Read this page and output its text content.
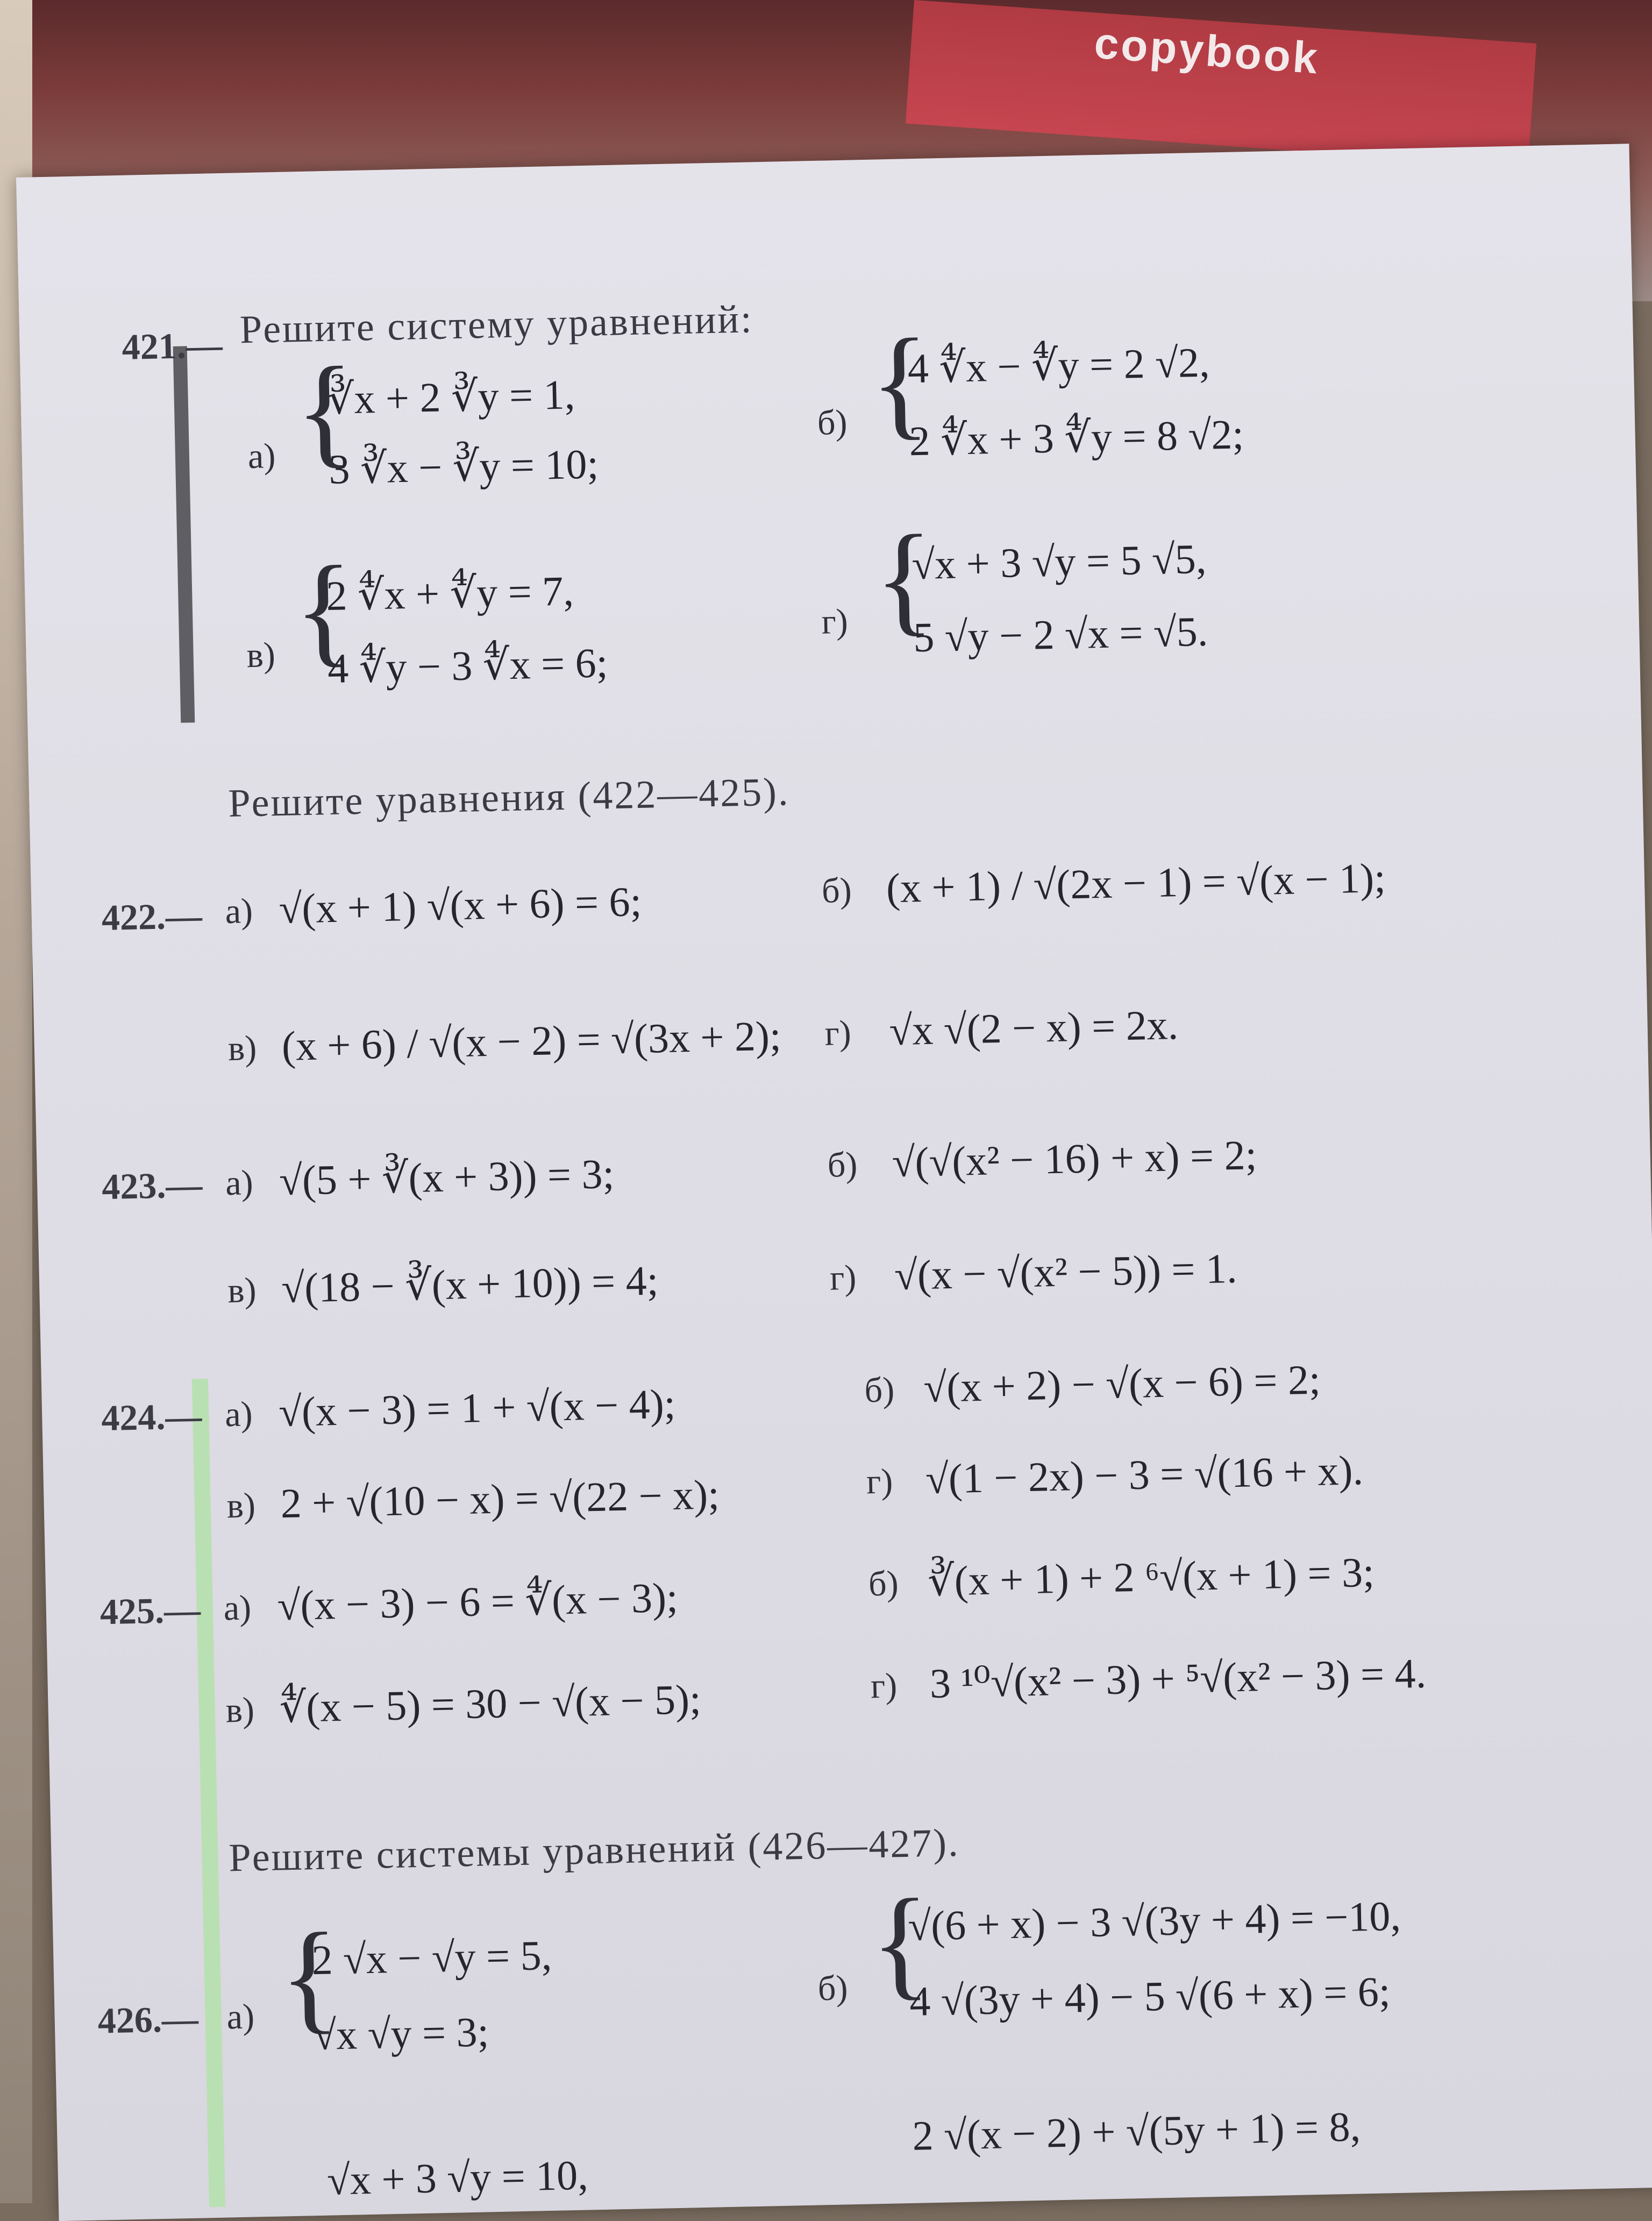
copybook
421.— Решите систему уравнений:
а) {
∛x + 2 ∛y = 1,
3 ∛x − ∛y = 10;
б) {
4 ∜x − ∜y = 2 √2,
2 ∜x + 3 ∜y = 8 √2;
в) {
2 ∜x + ∜y = 7,
4 ∜y − 3 ∜x = 6;
г) {
√x + 3 √y = 5 √5,
5 √y − 2 √x = √5.
Решите уравнения (422—425).
422.— а) √(x + 1) √(x + 6) = 6;	б) (x + 1) / √(2x − 1) = √(x − 1);
в) (x + 6) / √(x − 2) = √(3x + 2); г) √x √(2 − x) = 2x.
423.— а) √(5 + ∛(x + 3)) = 3;	б) √(√(x² − 16) + x) = 2;
в) √(18 − ∛(x + 10)) = 4;	г) √(x − √(x² − 5)) = 1.
424.— а) √(x − 3) = 1 + √(x − 4);	б) √(x + 2) − √(x − 6) = 2;
в) 2 + √(10 − x) = √(22 − x);	г) √(1 − 2x) − 3 = √(16 + x).
425.— а) √(x − 3) − 6 = ∜(x − 3);	б) ∛(x + 1) + 2 ⁶√(x + 1) = 3;
в) ∜(x − 5) = 30 − √(x − 5);	г) 3 ¹⁰√(x² − 3) + ⁵√(x² − 3) = 4.
Решите системы уравнений (426—427).
426.— а) {
2 √x − √y = 5,
√x √y = 3;
б) {
√(6 + x) − 3 √(3y + 4) = −10,
4 √(3y + 4) − 5 √(6 + x) = 6;
√x + 3 √y = 10,
2 √(x − 2) + √(5y + 1) = 8,
